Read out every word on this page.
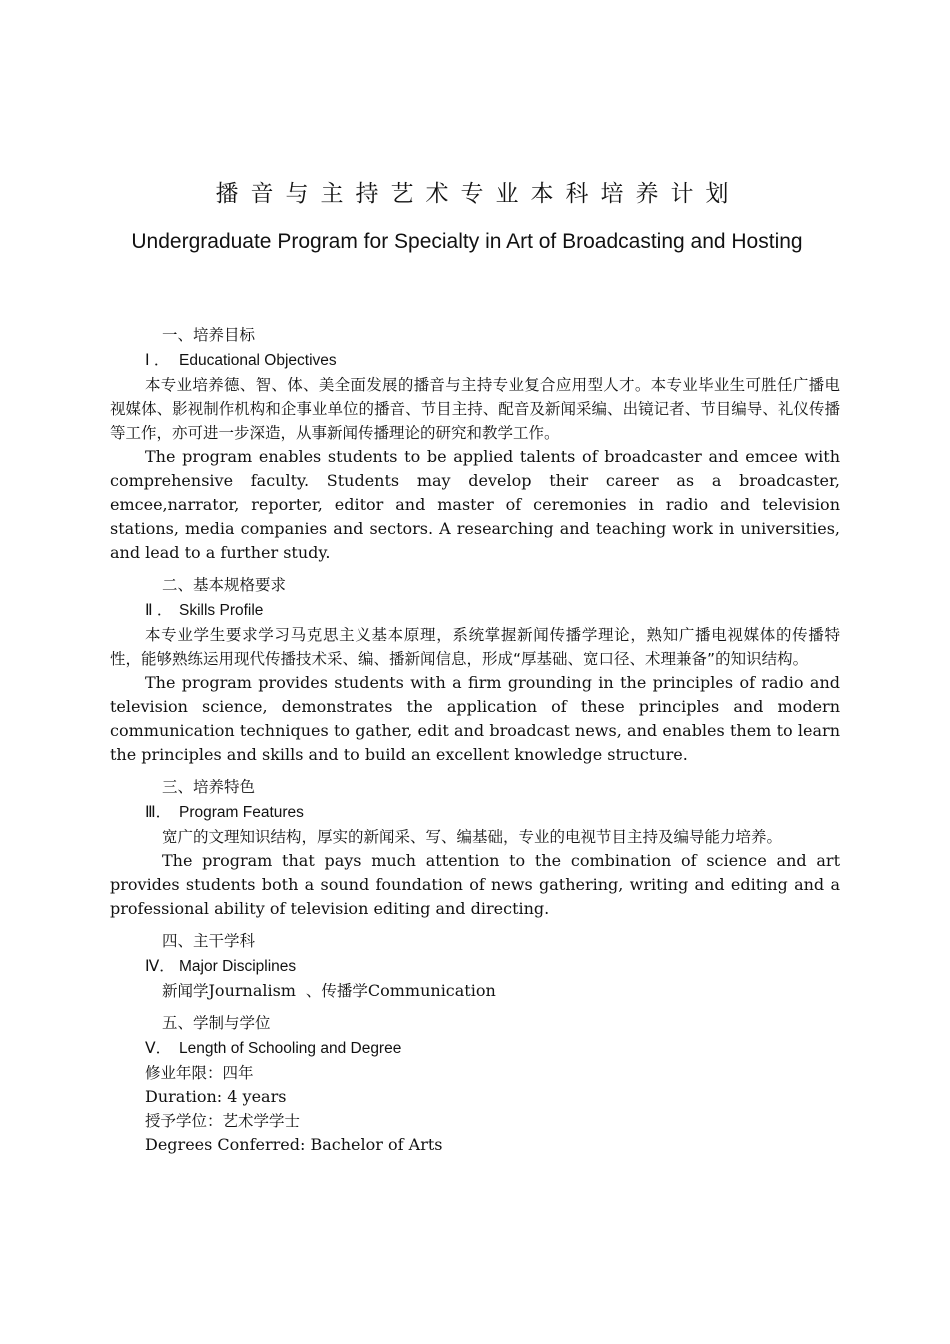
播音与主持艺术专业本科培养计划
Undergraduate Program for Specialty in Art of Broadcasting and Hosting
一、培养目标
Ⅰ ． Educational Objectives

本专业培养德、智、体、美全面发展的播音与主持专业复合应用型人才。本专业毕业生可胜任广播电视媒体、影视制作机构和企事业单位的播音、节目主持、配音及新闻采编、出镜记者、节目编导、礼仪传播等工作，亦可进一步深造，从事新闻传播理论的研究和教学工作。

The program enables students to be applied talents of broadcaster and emcee with comprehensive faculty. Students may develop their career as a broadcaster, emcee,narrator, reporter, editor and master of ceremonies in radio and television stations, media companies and sectors. A researching and teaching work in universities, and lead to a further study.

二、基本规格要求
Ⅱ ． Skills Profile

本专业学生要求学习马克思主义基本原理，系统掌握新闻传播学理论，熟知广播电视媒体的传播特性，能够熟练运用现代传播技术采、编、播新闻信息，形成“厚基础、宽口径、术理兼备”的知识结构。

The program provides students with a firm grounding in the principles of radio and television science, demonstrates the application of these principles and modern communication techniques to gather, edit and broadcast news, and enables them to learn the principles and skills and to build an excellent knowledge structure.

三、培养特色
Ⅲ． Program Features

宽广的文理知识结构，厚实的新闻采、写、编基础，专业的电视节目主持及编导能力培养。

The program that pays much attention to the combination of science and art provides students both a sound foundation of news gathering, writing and editing and a professional ability of television editing and directing.

四、主干学科
Ⅳ． Major Disciplines
新闻学Journalism  、传播学Communication
五、学制与学位
Ⅴ． Length of Schooling and Degree
修业年限：四年
Duration: 4 years
授予学位：艺术学学士
Degrees Conferred: Bachelor of Arts
